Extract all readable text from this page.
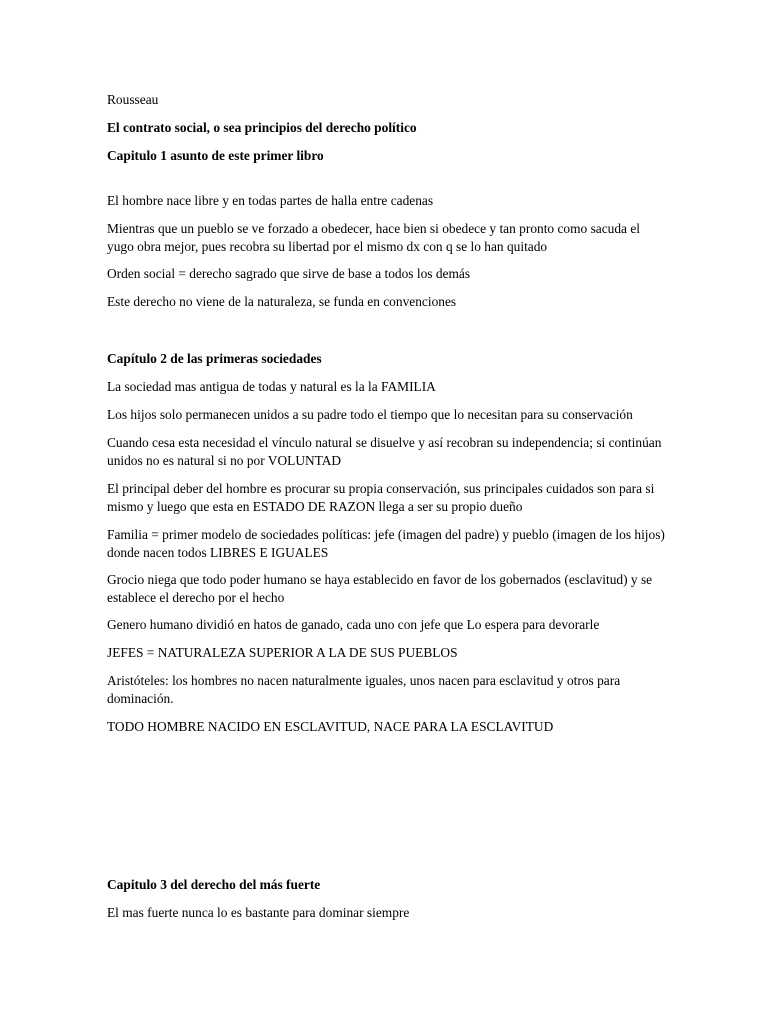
Rousseau

El contrato social, o sea principios del derecho político

Capitulo 1 asunto de este primer libro

El hombre nace libre y en todas partes de halla entre cadenas

Mientras que un pueblo se ve forzado a obedecer, hace bien si obedece y tan pronto como sacuda el yugo obra mejor, pues recobra su libertad por el mismo dx con q se lo han quitado

Orden social = derecho sagrado que sirve de base a todos los demás

Este derecho no viene de la naturaleza, se funda en convenciones

Capítulo 2 de las primeras sociedades

La sociedad mas antigua de todas y natural es la la FAMILIA

Los hijos solo permanecen unidos a su padre todo el tiempo que lo necesitan para su conservación

Cuando cesa esta necesidad el vínculo natural se disuelve y así recobran su independencia; si continúan unidos no es natural si no por VOLUNTAD

El principal deber del hombre es procurar su propia conservación, sus principales cuidados son para si mismo y luego que esta en ESTADO DE RAZON llega a ser su propio dueño

Familia = primer modelo de sociedades políticas: jefe (imagen del padre) y pueblo (imagen de los hijos) donde nacen todos LIBRES E IGUALES

Grocio niega que todo poder humano se haya establecido en favor de los gobernados (esclavitud) y se establece el derecho por el hecho

Genero humano dividió en hatos de ganado, cada uno con jefe que Lo espera para devorarle

JEFES = NATURALEZA SUPERIOR A LA DE SUS PUEBLOS

Aristóteles: los hombres no nacen naturalmente iguales, unos nacen para esclavitud y otros para dominación.

TODO HOMBRE NACIDO EN ESCLAVITUD, NACE PARA LA ESCLAVITUD

Capitulo 3 del derecho del más fuerte

El mas fuerte nunca lo es bastante para dominar siempre
